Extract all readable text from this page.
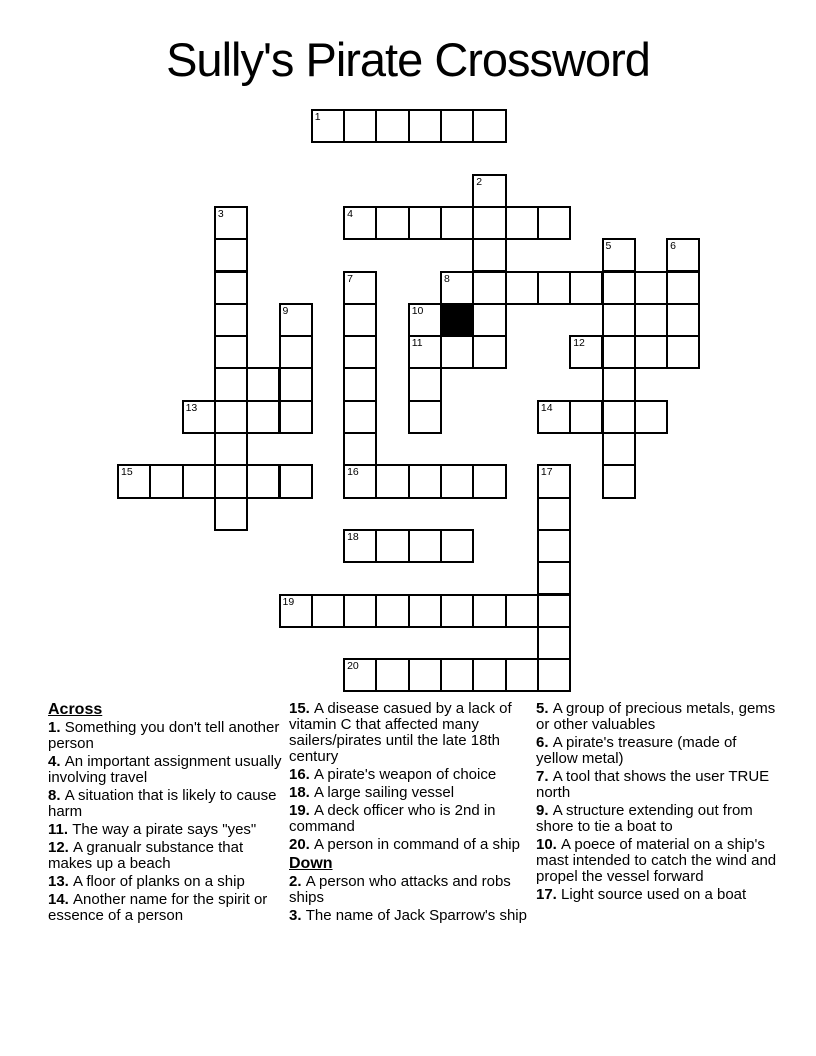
Sully's Pirate Crossword
1
2
3	4
5	6
7	8
9	10
11	12
13	14
15	16	17
18
19
20
Across

1. Something you don't tell another person

4. An important assignment usually involving travel

8. A situation that is likely to cause harm

11. The way a pirate says "yes"

12. A granualr substance that makes up a beach

13. A floor of planks on a ship

14. Another name for the spirit or essence of a person

15. A disease casued by a lack of vitamin C that affected many sailers/pirates until the late 18th century

16. A pirate's weapon of choice

18. A large sailing vessel

19. A deck officer who is 2nd in command

20. A person in command of a ship

Down

2. A person who attacks and robs ships

3. The name of Jack Sparrow's ship

5. A group of precious metals, gems or other valuables

6. A pirate's treasure (made of yellow metal)

7. A tool that shows the user TRUE north

9. A structure extending out from shore to tie a boat to

10. A poece of material on a ship's mast intended to catch the wind and propel the vessel forward

17. Light source used on a boat
